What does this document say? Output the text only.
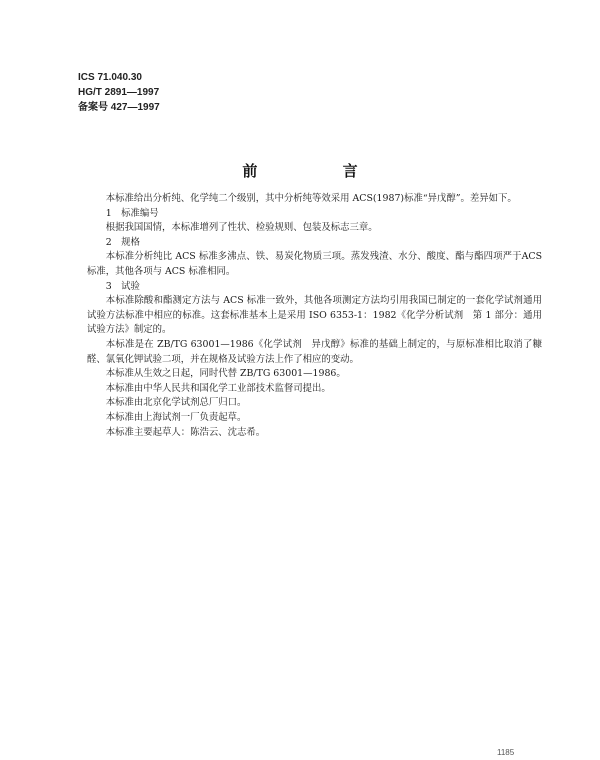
ICS 71.040.30
HG/T 2891—1997
备案号 427—1997
前 言

本标准给出分析纯、化学纯二个级别，其中分析纯等效采用 ACS(1987)标准“异戊醇”。差异如下。

1　标准编号

根据我国国情，本标准增列了性状、检验规则、包装及标志三章。

2　规格

本标准分析纯比 ACS 标准多沸点、铁、易炭化物质三项。蒸发残渣、水分、酸度、酯与酯四项严于ACS 标准，其他各项与 ACS 标准相同。

3　试验

本标准除酸和酯测定方法与 ACS 标准一致外，其他各项测定方法均引用我国已制定的一套化学试剂通用试验方法标准中相应的标准。这套标准基本上是采用 ISO 6353-1：1982《化学分析试剂　第 1 部分：通用试验方法》制定的。

本标准是在 ZB/TG 63001—1986《化学试剂　异戊醇》标准的基础上制定的，与原标准相比取消了糠醛、氯氧化钾试验二项，并在规格及试验方法上作了相应的变动。

本标准从生效之日起，同时代替 ZB/TG 63001—1986。

本标准由中华人民共和国化学工业部技术监督司提出。

本标准由北京化学试剂总厂归口。

本标准由上海试剂一厂负责起草。

本标准主要起草人：陈浩云、沈志希。

1185
